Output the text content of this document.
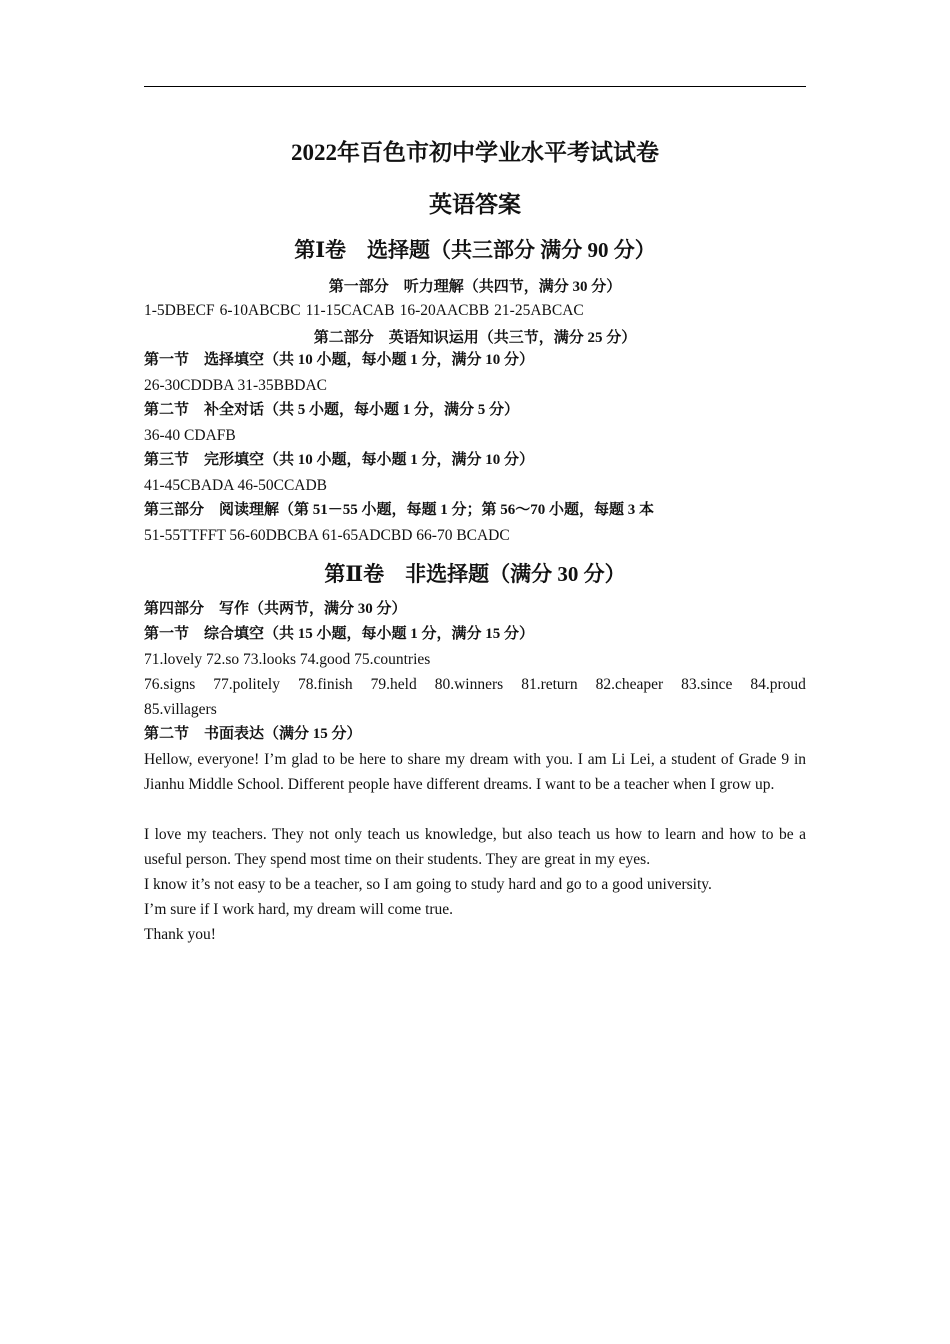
2022年百色市初中学业水平考试试卷
英语答案
第Ⅰ卷　选择题（共三部分 满分 90 分）
第一部分　听力理解（共四节，满分 30 分）
1-5DBECF 6-10ABCBC 11-15CACAB 16-20AACBB 21-25ABCAC
第二部分　英语知识运用（共三节，满分 25 分）
第一节　选择填空（共 10 小题，每小题 1 分，满分 10 分）
26-30CDDBA 31-35BBDAC
第二节　补全对话（共 5 小题，每小题 1 分，满分 5 分）
36-40 CDAFB
第三节　完形填空（共 10 小题，每小题 1 分，满分 10 分）
41-45CBADA 46-50CCADB
第三部分　阅读理解（第 51－55 小题，每题 1 分；第 56～70 小题，每题 3 本
51-55TTFFT 56-60DBCBA 61-65ADCBD 66-70 BCADC
第Ⅱ卷　非选择题（满分 30 分）
第四部分　写作（共两节，满分 30 分）
第一节　综合填空（共 15 小题，每小题 1 分，满分 15 分）
71.lovely 72.so 73.looks 74.good 75.countries
76.signs 77.politely 78.finish 79.held 80.winners 81.return 82.cheaper 83.since 84.proud
85.villagers
第二节　书面表达（满分 15 分）
Hellow, everyone! I’m glad to be here to share my dream with you. I am Li Lei, a student of Grade 9 in Jianhu Middle School. Different people have different dreams. I want to be a teacher when I grow up.
I love my teachers. They not only teach us knowledge, but also teach us how to learn and how to be a useful person. They spend most time on their students. They are great in my eyes.
I know it’s not easy to be a teacher, so I am going to study hard and go to a good university.
I’m sure if I work hard, my dream will come true.
Thank you!
